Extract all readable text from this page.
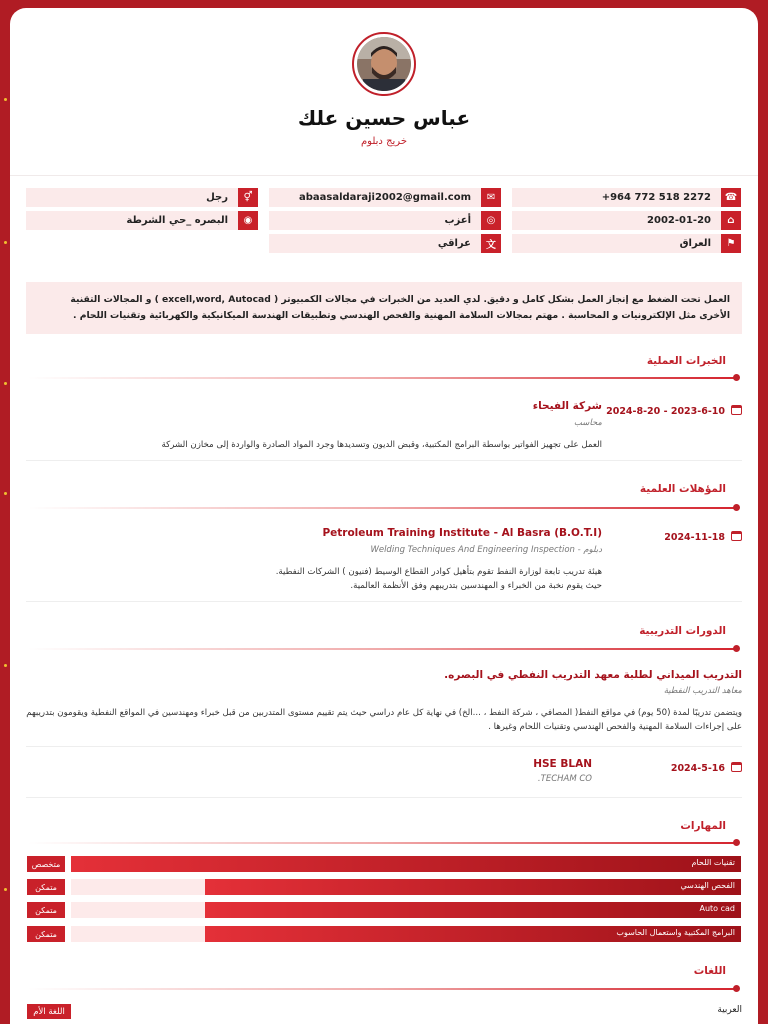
عباس حسين علك
خريج دبلوم
☎
+964 772 518 2272
⌂
2002-01-20
⚑
العراق
✉
abaasaldaraji2002@gmail.com
◎
أعزب
文
عراقي
⚥
رجل
◉
البصره _حي الشرطة
العمل تحت الضغط مع إنجاز العمل بشكل كامل و دقيق. لدي العديد من الخبرات في مجالات الكمبيوتر ( excell,word, Autocad ) و المجالات التقنية الأخرى مثل الإلكترونيات و المحاسبة . مهتم بمجالات السلامة المهنية والفحص الهندسي وتطبيقات الهندسة الميكانيكية والكهربائية وتقنيات اللحام .
الخبرات العملية
2023-6-10 - 2024-8-20
شركة الفيحاء
محاسب
العمل على تجهيز الفواتير بواسطة البرامج المكتبية، وقبض الديون وتسديدها وجرد المواد الصادرة والواردة إلى مخازن الشركة
المؤهلات العلمية
2024-11-18
(Petroleum Training Institute - Al Basra (B.O.T.I
دبلوم - Welding Techniques And Engineering Inspection
هيئة تدريب تابعة لوزارة النفط تقوم بتأهيل كوادر القطاع الوسيط (فنيون ) الشركات النفطية.
حيث يقوم نخبة من الخبراء و المهندسين بتدريبهم وفق الأنظمة العالمية.
الدورات التدريبية
التدريب الميداني لطلبة معهد التدريب النفطي في البصره.
معاهد التدريب النفطية
ويتضمن تدريبًا لمدة (50 يوم) في مواقع النفط( المصافي ، شركة النفط ، ...الخ) في نهاية كل عام دراسي حيث يتم تقييم مستوى المتدربين من قبل خبراء ومهندسين في المواقع النفطية ويقومون بتدريبهم على إجراءات السلامة المهنية والفحص الهندسي وتقنيات اللحام وغيرها .
2024-5-16
HSE BLAN
TECHAM CO.
المهارات
تقنيات اللحام
متخصص
الفحص الهندسي
متمكن
Auto cad
متمكن
البرامج المكتبية واستعمال الحاسوب
متمكن
اللغات
العربية
اللغة الأم
